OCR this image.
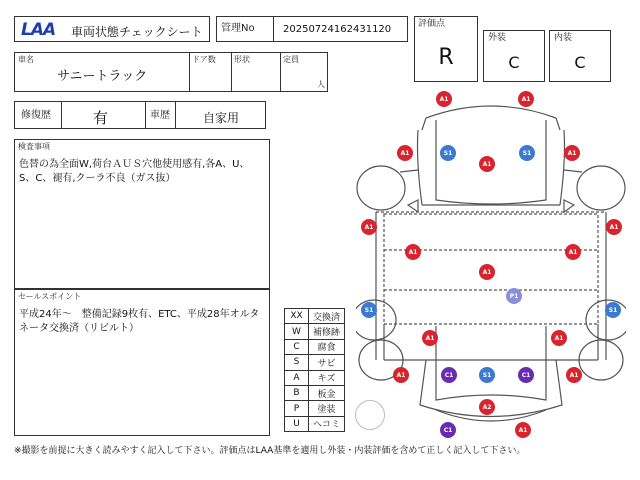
LAA 車両状態チェックシート 管理No	20250724162431120	評価点
R
外装
C
内装
C
車名
サニートラック
ドア数 形状	定員
人
修復歴	有	車歴	自家用
検査事項
色替の為全面W,荷台ＡＵＳ穴他使用感有,各A、U、S、C、褪有,クーラ不良（ガス抜）
セールスポイント
平成24年～　整備記録9枚有、ETC、平成28年オルタネータ交換済（リビルト）
XX	交換済
W	補修跡
C	腐食
S	サビ
A	キズ
B	板金
P	塗装
U	ヘコミ
A1	A1
A1	S1
A1
S1	A1
A1	A1
A1	A1
A1
P1
S1	S1
A1	A1
A1	C1	S1	C1	A1
A2
C1	A1
※撮影を前提に大きく読みやすく記入して下さい。評価点はLAA基準を適用し外装・内装評価を含めて正しく記入して下さい。
